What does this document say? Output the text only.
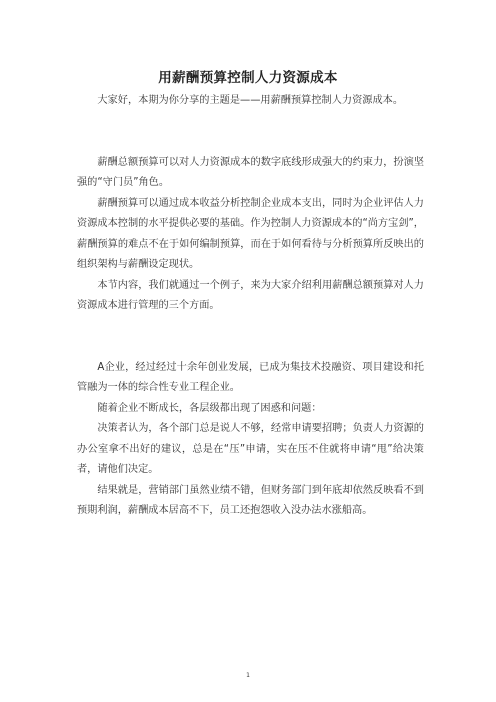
用薪酬预算控制人力资源成本

大家好，本期为你分享的主题是——用薪酬预算控制人力资源成本。

薪酬总额预算可以对人力资源成本的数字底线形成强大的约束力，扮演坚强的“守门员”角色。

薪酬预算可以通过成本收益分析控制企业成本支出，同时为企业评估人力资源成本控制的水平提供必要的基础。作为控制人力资源成本的“尚方宝剑”，薪酬预算的难点不在于如何编制预算，而在于如何看待与分析预算所反映出的组织架构与薪酬设定现状。

本节内容，我们就通过一个例子，来为大家介绍利用薪酬总额预算对人力资源成本进行管理的三个方面。

A企业，经过经过十余年创业发展，已成为集技术投融资、项目建设和托管融为一体的综合性专业工程企业。

随着企业不断成长，各层级都出现了困惑和问题：

决策者认为，各个部门总是说人不够，经常申请要招聘；负责人力资源的办公室拿不出好的建议，总是在“压”申请，实在压不住就将申请“甩”给决策者，请他们决定。

结果就是，营销部门虽然业绩不错，但财务部门到年底却依然反映看不到预期利润，薪酬成本居高不下，员工还抱怨收入没办法水涨船高。

1
